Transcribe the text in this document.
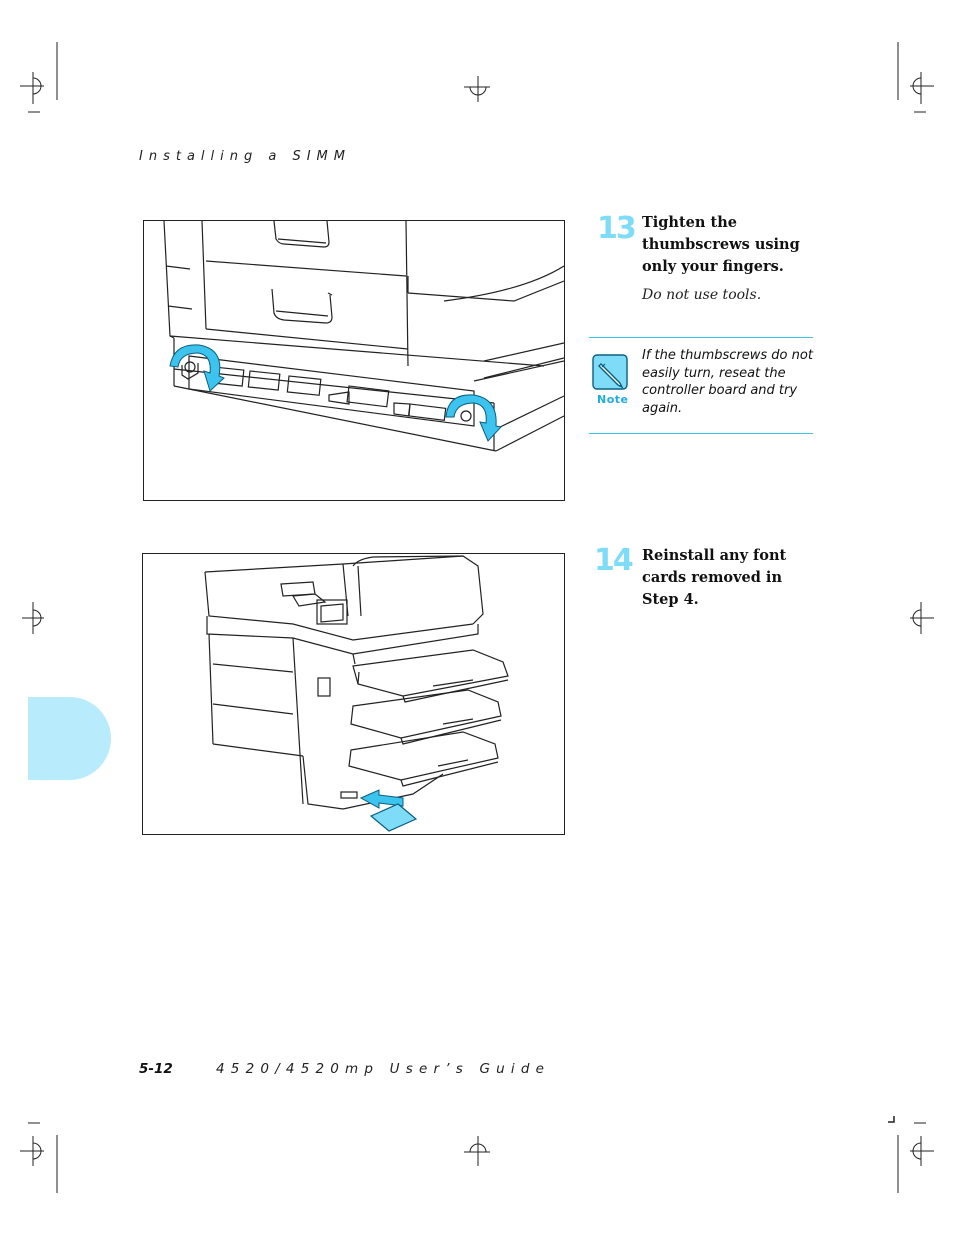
Installing a SIMM
13 Tighten the thumbscrews using only your fingers.
Do not use tools.
Note
If the thumbscrews do not easily turn, reseat the controller board and try again.
14 Reinstall any font cards removed in Step 4.
5-12	4520/4520mp User’s Guide
